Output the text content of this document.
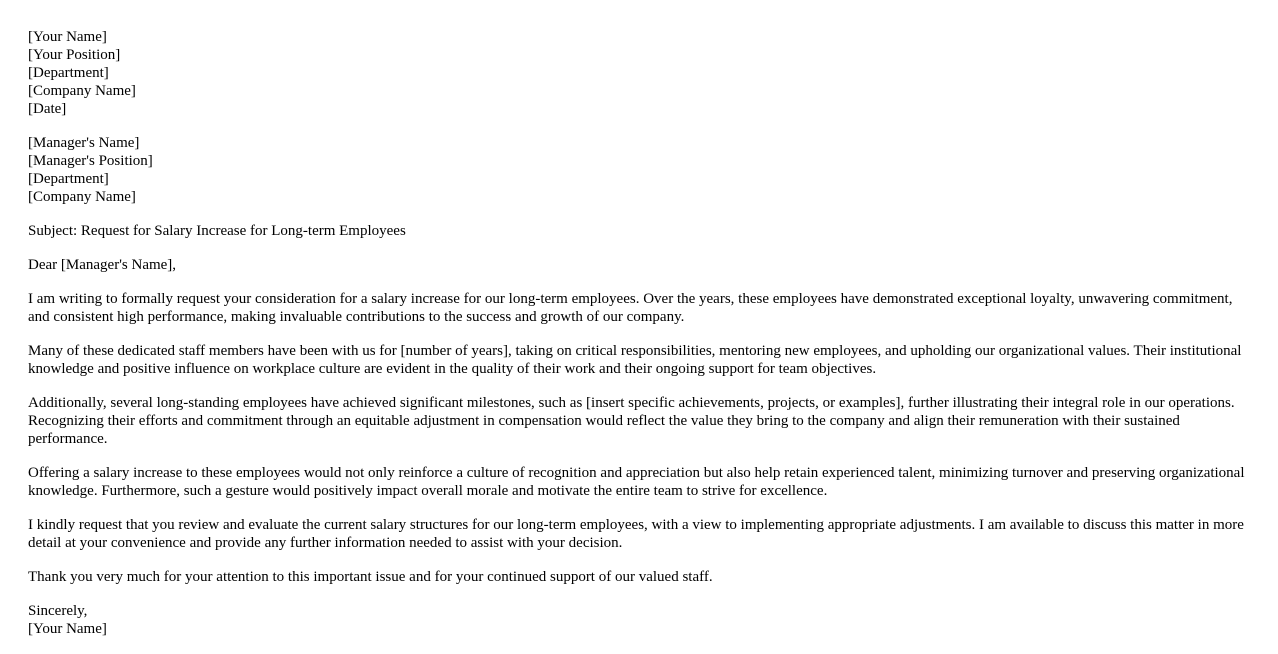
[Your Name]
[Your Position]
[Department]
[Company Name]
[Date]
[Manager's Name]
[Manager's Position]
[Department]
[Company Name]

Subject: Request for Salary Increase for Long-term Employees

Dear [Manager's Name],

I am writing to formally request your consideration for a salary increase for our long-term employees. Over the years, these employees have demonstrated exceptional loyalty, unwavering commitment, and consistent high performance, making invaluable contributions to the success and growth of our company.

Many of these dedicated staff members have been with us for [number of years], taking on critical responsibilities, mentoring new employees, and upholding our organizational values. Their institutional knowledge and positive influence on workplace culture are evident in the quality of their work and their ongoing support for team objectives.

Additionally, several long-standing employees have achieved significant milestones, such as [insert specific achievements, projects, or examples], further illustrating their integral role in our operations. Recognizing their efforts and commitment through an equitable adjustment in compensation would reflect the value they bring to the company and align their remuneration with their sustained performance.

Offering a salary increase to these employees would not only reinforce a culture of recognition and appreciation but also help retain experienced talent, minimizing turnover and preserving organizational knowledge. Furthermore, such a gesture would positively impact overall morale and motivate the entire team to strive for excellence.

I kindly request that you review and evaluate the current salary structures for our long-term employees, with a view to implementing appropriate adjustments. I am available to discuss this matter in more detail at your convenience and provide any further information needed to assist with your decision.

Thank you very much for your attention to this important issue and for your continued support of our valued staff.

Sincerely,
[Your Name]
